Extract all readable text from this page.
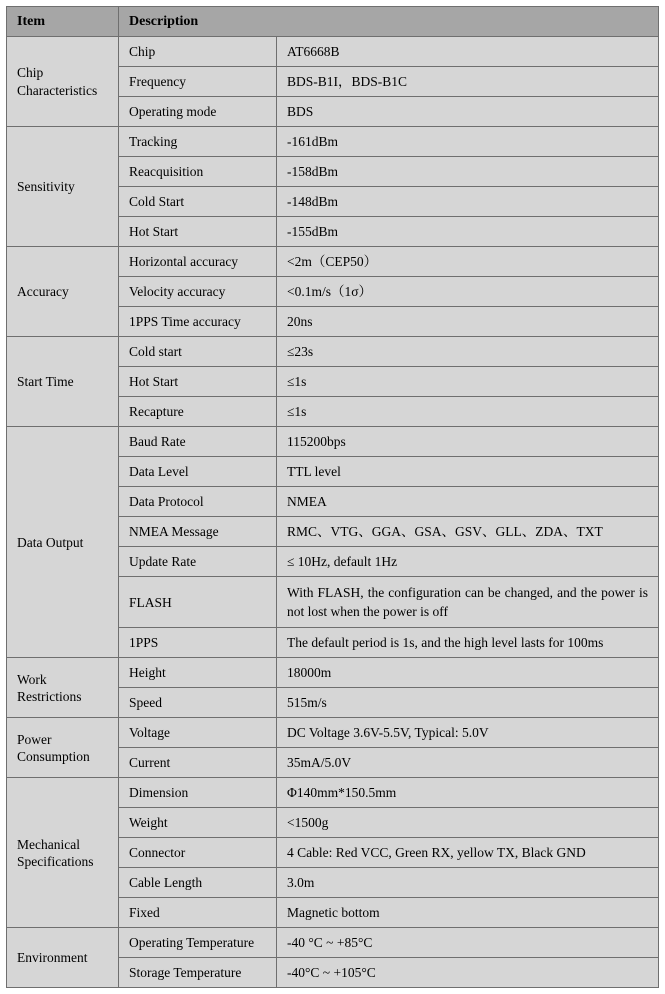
Item	Description	
Chip Characteristics	Chip	AT6668B
	Frequency	BDS-B1I，BDS-B1C
	Operating mode	BDS
Sensitivity	Tracking	-161dBm
	Reacquisition	-158dBm
	Cold Start	-148dBm
	Hot Start	-155dBm
Accuracy	Horizontal accuracy	<2m（CEP50）
	Velocity accuracy	<0.1m/s（1σ）
	1PPS Time accuracy	20ns
Start Time	Cold start	≤23s
	Hot Start	≤1s
	Recapture	≤1s
Data Output	Baud Rate	115200bps
	Data Level	TTL level
	Data Protocol	NMEA
	NMEA Message	RMC、VTG、GGA、GSA、GSV、GLL、ZDA、TXT
	Update Rate	≤ 10Hz, default 1Hz
	FLASH	With FLASH, the configuration can be changed, and the power is not lost when the power is off
	1PPS	The default period is 1s, and the high level lasts for 100ms
Work Restrictions	Height	18000m
	Speed	515m/s
Power Consumption	Voltage	DC Voltage 3.6V-5.5V, Typical: 5.0V
	Current	35mA/5.0V
Mechanical Specifications	Dimension	Φ140mm*150.5mm
	Weight	<1500g
	Connector	4 Cable: Red VCC, Green RX, yellow TX, Black GND
	Cable Length	3.0m
	Fixed	Magnetic bottom
Environment	Operating Temperature	-40 °C ~ +85°C
	Storage Temperature	-40°C ~ +105°C
